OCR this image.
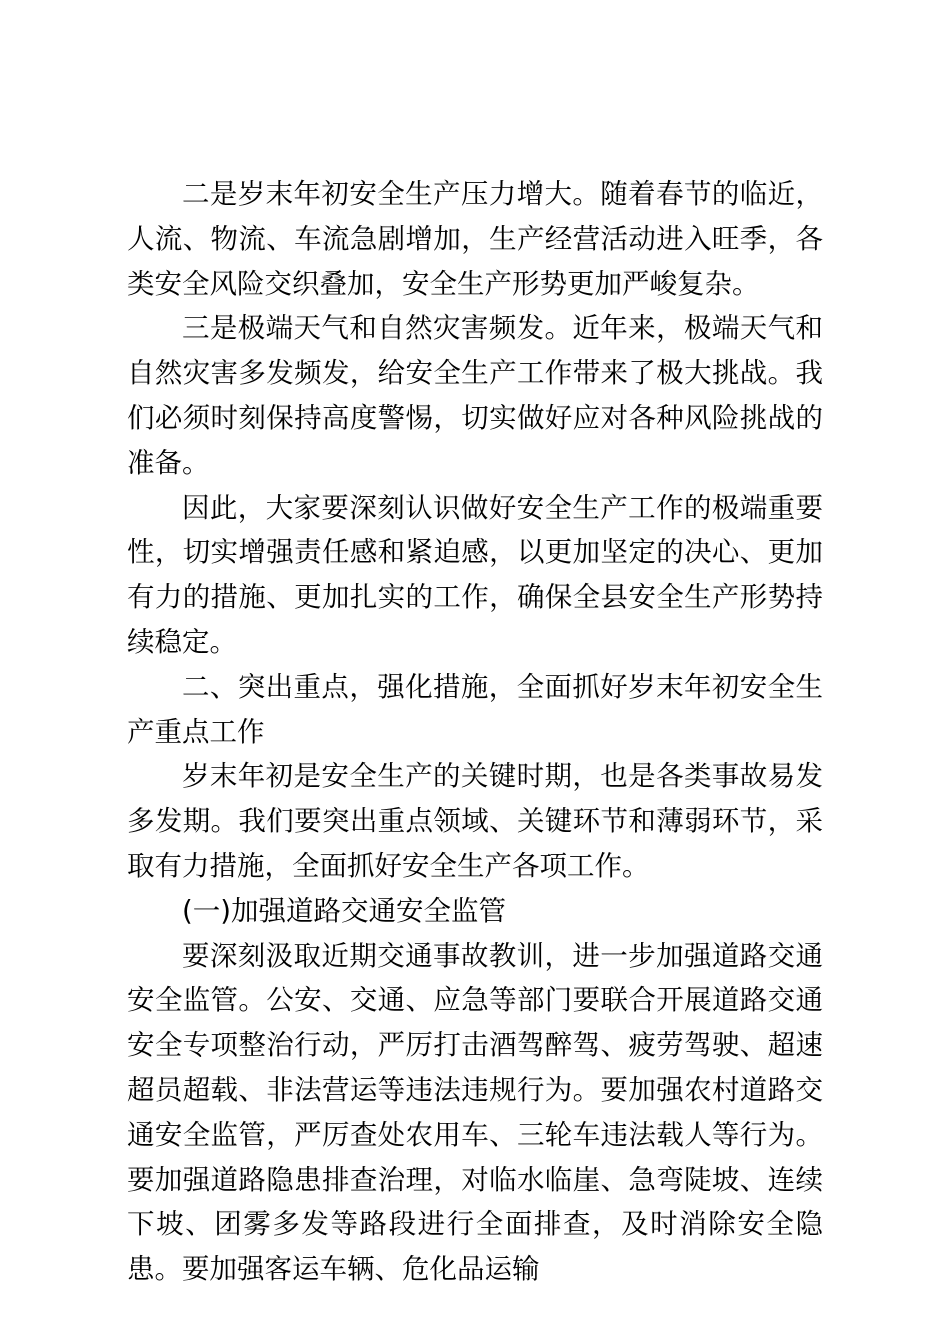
二是岁末年初安全生产压力增大。随着春节的临近，人流、物流、车流急剧增加，生产经营活动进入旺季，各类安全风险交织叠加，安全生产形势更加严峻复杂。

三是极端天气和自然灾害频发。近年来，极端天气和自然灾害多发频发，给安全生产工作带来了极大挑战。我们必须时刻保持高度警惕，切实做好应对各种风险挑战的准备。

因此，大家要深刻认识做好安全生产工作的极端重要性，切实增强责任感和紧迫感，以更加坚定的决心、更加有力的措施、更加扎实的工作，确保全县安全生产形势持续稳定。

二、突出重点，强化措施，全面抓好岁末年初安全生产重点工作

岁末年初是安全生产的关键时期，也是各类事故易发多发期。我们要突出重点领域、关键环节和薄弱环节，采取有力措施，全面抓好安全生产各项工作。

(一)加强道路交通安全监管

要深刻汲取近期交通事故教训，进一步加强道路交通安全监管。公安、交通、应急等部门要联合开展道路交通安全专项整治行动，严厉打击酒驾醉驾、疲劳驾驶、超速超员超载、非法营运等违法违规行为。要加强农村道路交通安全监管，严厉查处农用车、三轮车违法载人等行为。要加强道路隐患排查治理，对临水临崖、急弯陡坡、连续下坡、团雾多发等路段进行全面排查，及时消除安全隐患。要加强客运车辆、危化品运输
